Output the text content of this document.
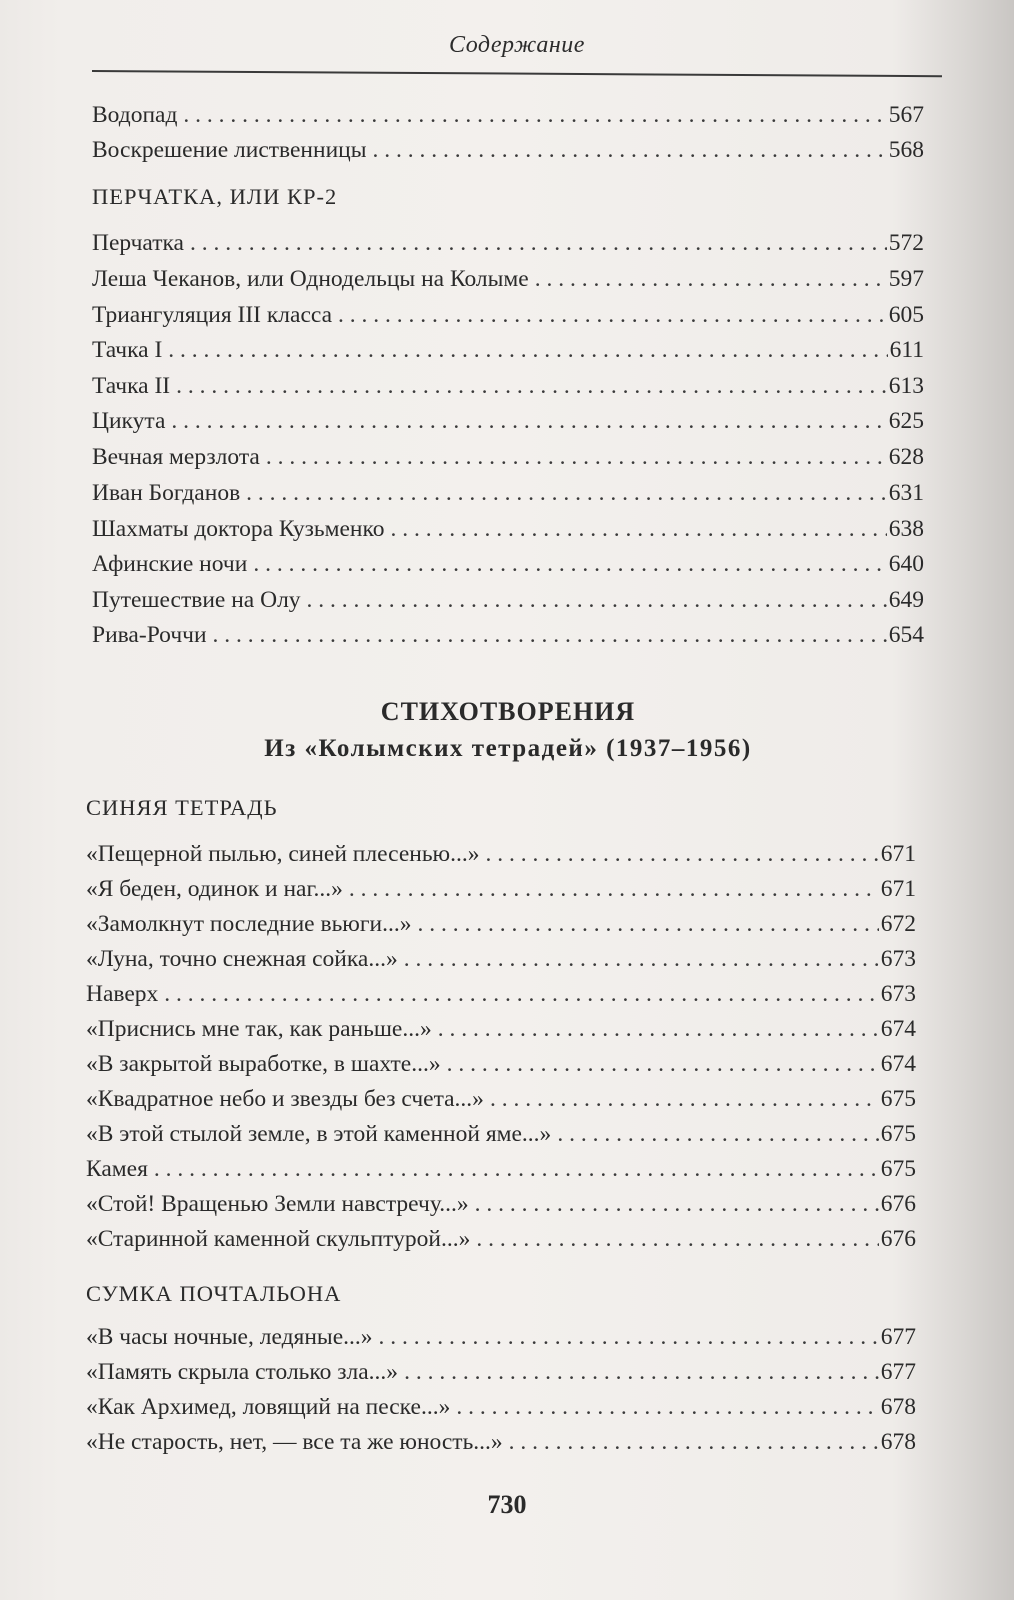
Содержание
Водопад . . .	567
Воскрешение лиственницы . . .	568
ПЕРЧАТКА, ИЛИ КР-2
Перчатка . . .	572
Леша Чеканов, или Однодельцы на Колыме . . .	597
Триангуляция III класса . . .	605
Тачка I . . .	611
Тачка II . . .	613
Цикута . . .	625
Вечная мерзлота . . .	628
Иван Богданов . . .	631
Шахматы доктора Кузьменко . . .	638
Афинские ночи . . .	640
Путешествие на Олу . . .	649
Рива-Роччи . . .	654
СТИХОТВОРЕНИЯ
Из «Колымских тетрадей» (1937–1956)
СИНЯЯ ТЕТРАДЬ
«Пещерной пылью, синей плесенью...» . . .	671
«Я беден, одинок и наг...» . . .	671
«Замолкнут последние вьюги...» . . .	672
«Луна, точно снежная сойка...» . . .	673
Наверх . . .	673
«Приснись мне так, как раньше...» . . .	674
«В закрытой выработке, в шахте...» . . .	674
«Квадратное небо и звезды без счета...» . . .	675
«В этой стылой земле, в этой каменной яме...» . . .	675
Камея . . .	675
«Стой! Вращенью Земли навстречу...» . . .	676
«Старинной каменной скульптурой...» . . .	676
СУМКА ПОЧТАЛЬОНА
«В часы ночные, ледяные...» . . .	677
«Память скрыла столько зла...» . . .	677
«Как Архимед, ловящий на песке...» . . .	678
«Не старость, нет, — все та же юность...» . . .	678
730
